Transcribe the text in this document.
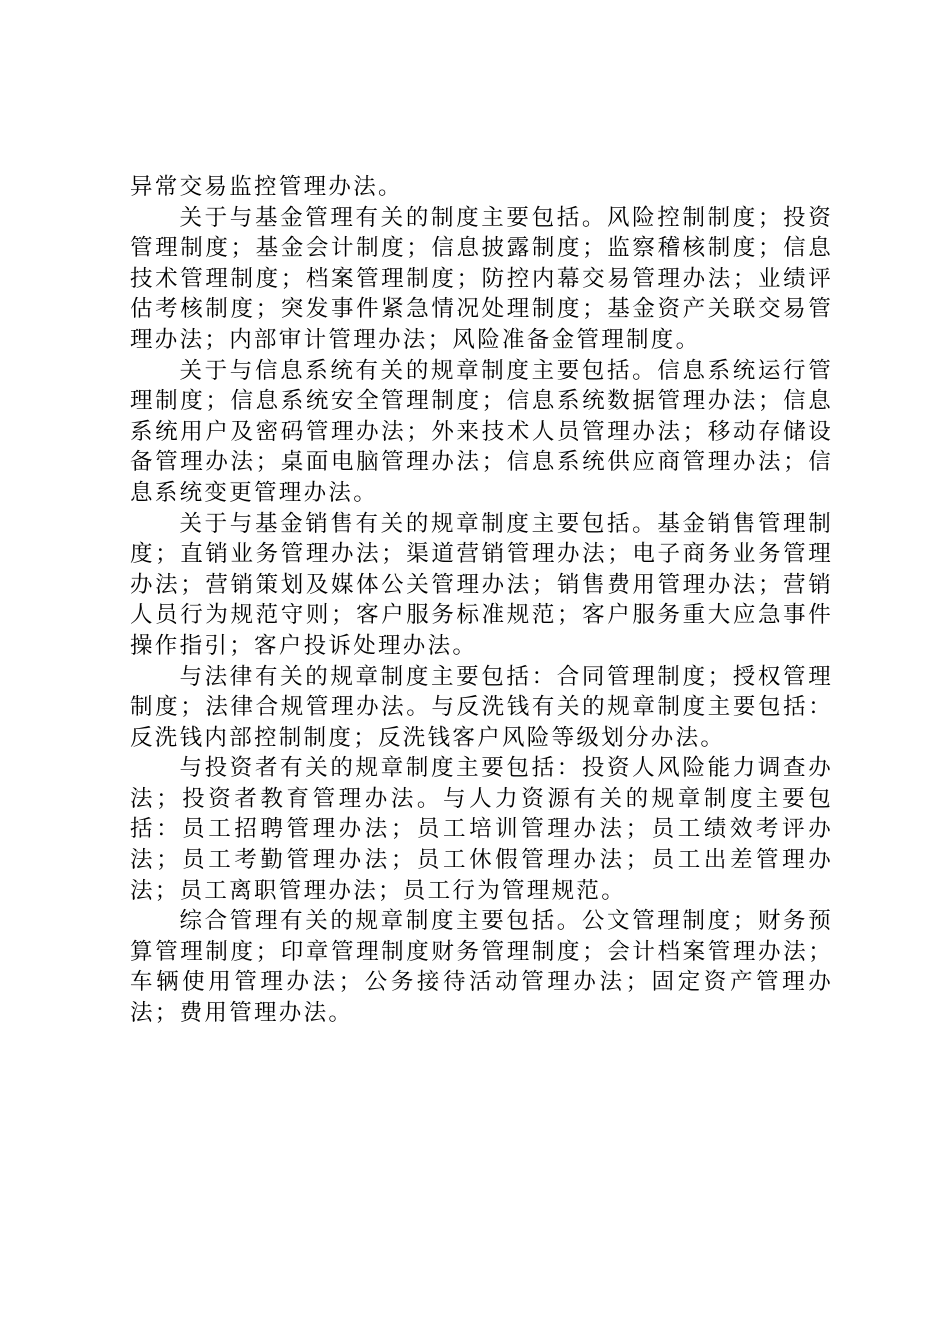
异常交易监控管理办法。

关于与基金管理有关的制度主要包括。风险控制制度；投资管理制度；基金会计制度；信息披露制度；监察稽核制度；信息技术管理制度；档案管理制度；防控内幕交易管理办法；业绩评估考核制度；突发事件紧急情况处理制度；基金资产关联交易管理办法；内部审计管理办法；风险准备金管理制度。

关于与信息系统有关的规章制度主要包括。信息系统运行管理制度；信息系统安全管理制度；信息系统数据管理办法；信息系统用户及密码管理办法；外来技术人员管理办法；移动存储设备管理办法；桌面电脑管理办法；信息系统供应商管理办法；信息系统变更管理办法。

关于与基金销售有关的规章制度主要包括。基金销售管理制度；直销业务管理办法；渠道营销管理办法；电子商务业务管理办法；营销策划及媒体公关管理办法；销售费用管理办法；营销人员行为规范守则；客户服务标准规范；客户服务重大应急事件操作指引；客户投诉处理办法。

与法律有关的规章制度主要包括：合同管理制度；授权管理制度；法律合规管理办法。与反洗钱有关的规章制度主要包括：反洗钱内部控制制度；反洗钱客户风险等级划分办法。

与投资者有关的规章制度主要包括：投资人风险能力调查办法；投资者教育管理办法。与人力资源有关的规章制度主要包括：员工招聘管理办法；员工培训管理办法；员工绩效考评办法；员工考勤管理办法；员工休假管理办法；员工出差管理办法；员工离职管理办法；员工行为管理规范。

综合管理有关的规章制度主要包括。公文管理制度；财务预算管理制度；印章管理制度财务管理制度；会计档案管理办法；车辆使用管理办法；公务接待活动管理办法；固定资产管理办法；费用管理办法。
